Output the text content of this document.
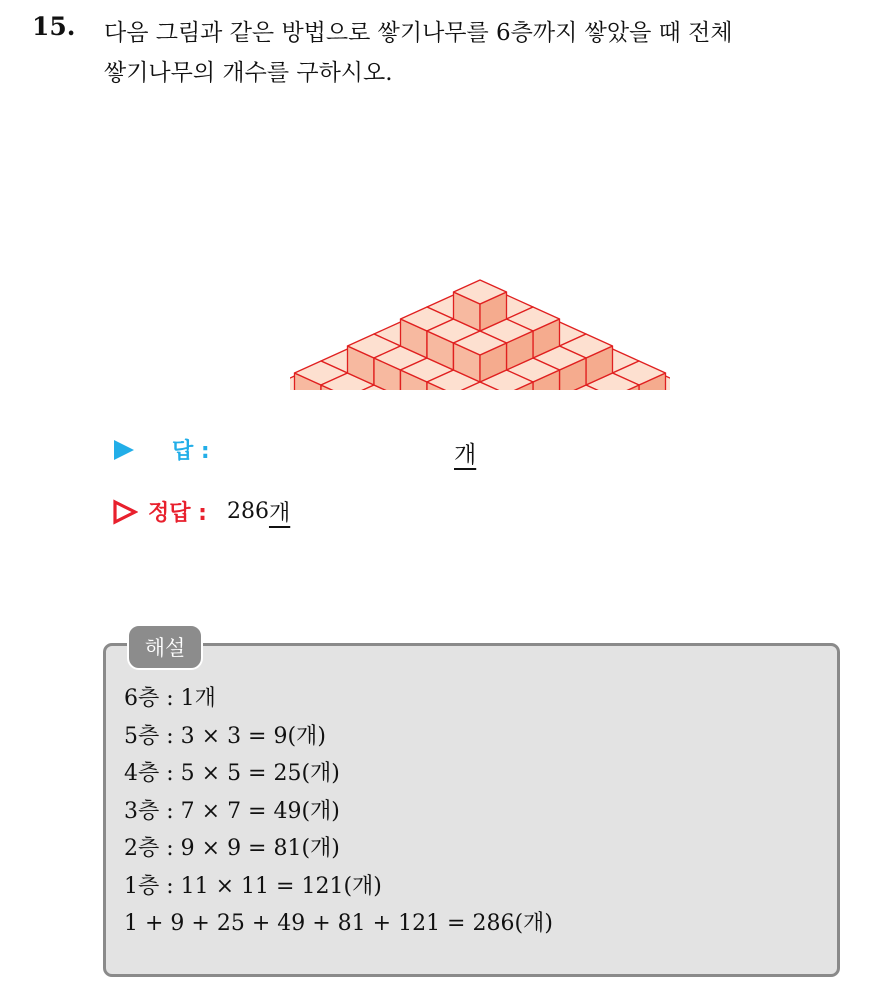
15. 다음 그림과 같은 방법으로 쌓기나무를 6층까지 쌓았을 때 전체
쌓기나무의 개수를 구하시오.
답 :	개
정답 : 286 개
해설
6층 : 1개
5층 : 3 × 3 = 9(개)
4층 : 5 × 5 = 25(개)
3층 : 7 × 7 = 49(개)
2층 : 9 × 9 = 81(개)
1층 : 11 × 11 = 121(개)
1 + 9 + 25 + 49 + 81 + 121 = 286(개)
